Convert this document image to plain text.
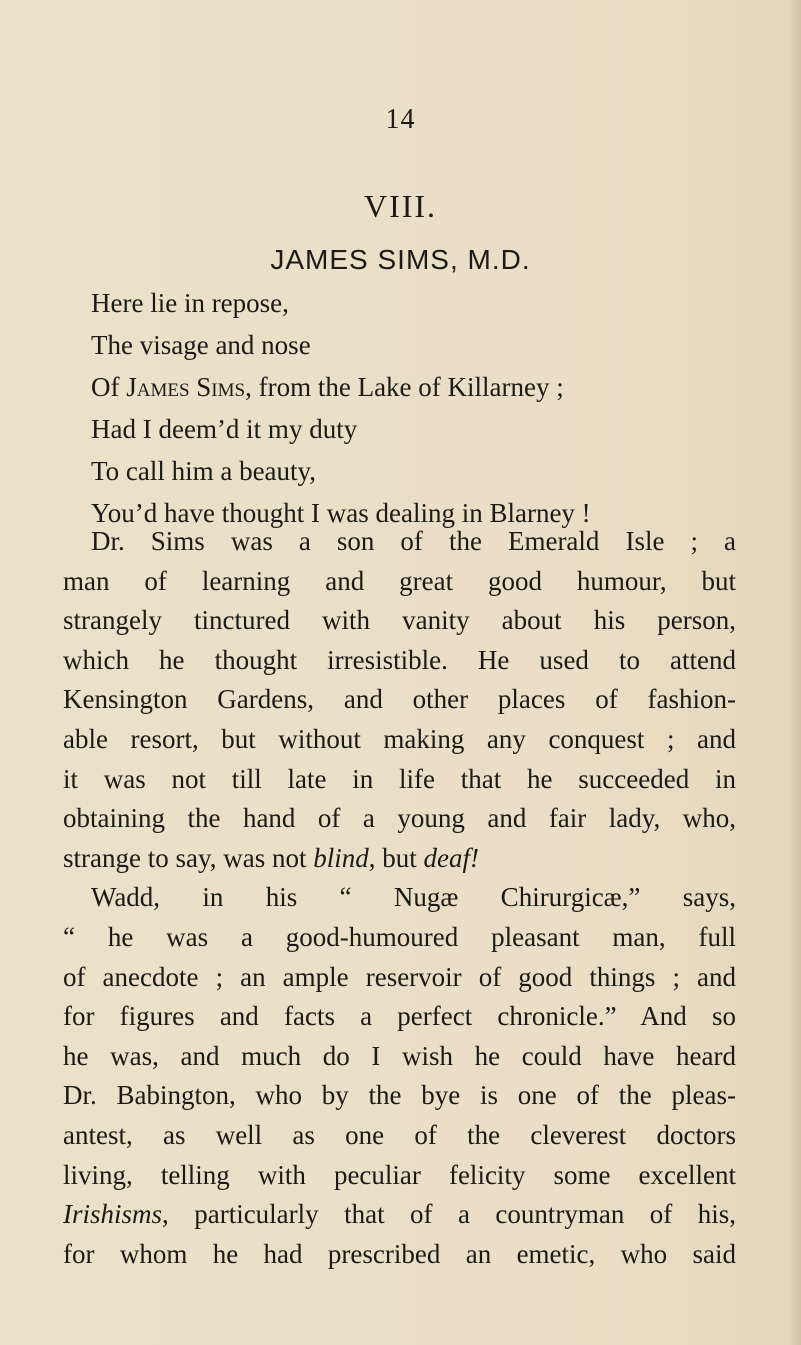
14
VIII.
JAMES SIMS, M.D.
Here lie in repose,
The visage and nose
Of James Sims, from the Lake of Killarney ;
Had I deem’d it my duty
To call him a beauty,
You’d have thought I was dealing in Blarney !
Dr. Sims was a son of the Emerald Isle ; a
man of learning and great good humour, but
strangely tinctured with vanity about his person,
which he thought irresistible. He used to attend
Kensington Gardens, and other places of fashion-
able resort, but without making any conquest ; and
it was not till late in life that he succeeded in
obtaining the hand of a young and fair lady, who,
strange to say, was not blind, but deaf!
Wadd, in his “ Nugæ Chirurgicæ,” says,
“ he was a good-humoured pleasant man, full
of anecdote ; an ample reservoir of good things ; and
for figures and facts a perfect chronicle.” And so
he was, and much do I wish he could have heard
Dr. Babington, who by the bye is one of the pleas-
antest, as well as one of the cleverest doctors
living, telling with peculiar felicity some excellent
Irishisms, particularly that of a countryman of his,
for whom he had prescribed an emetic, who said
